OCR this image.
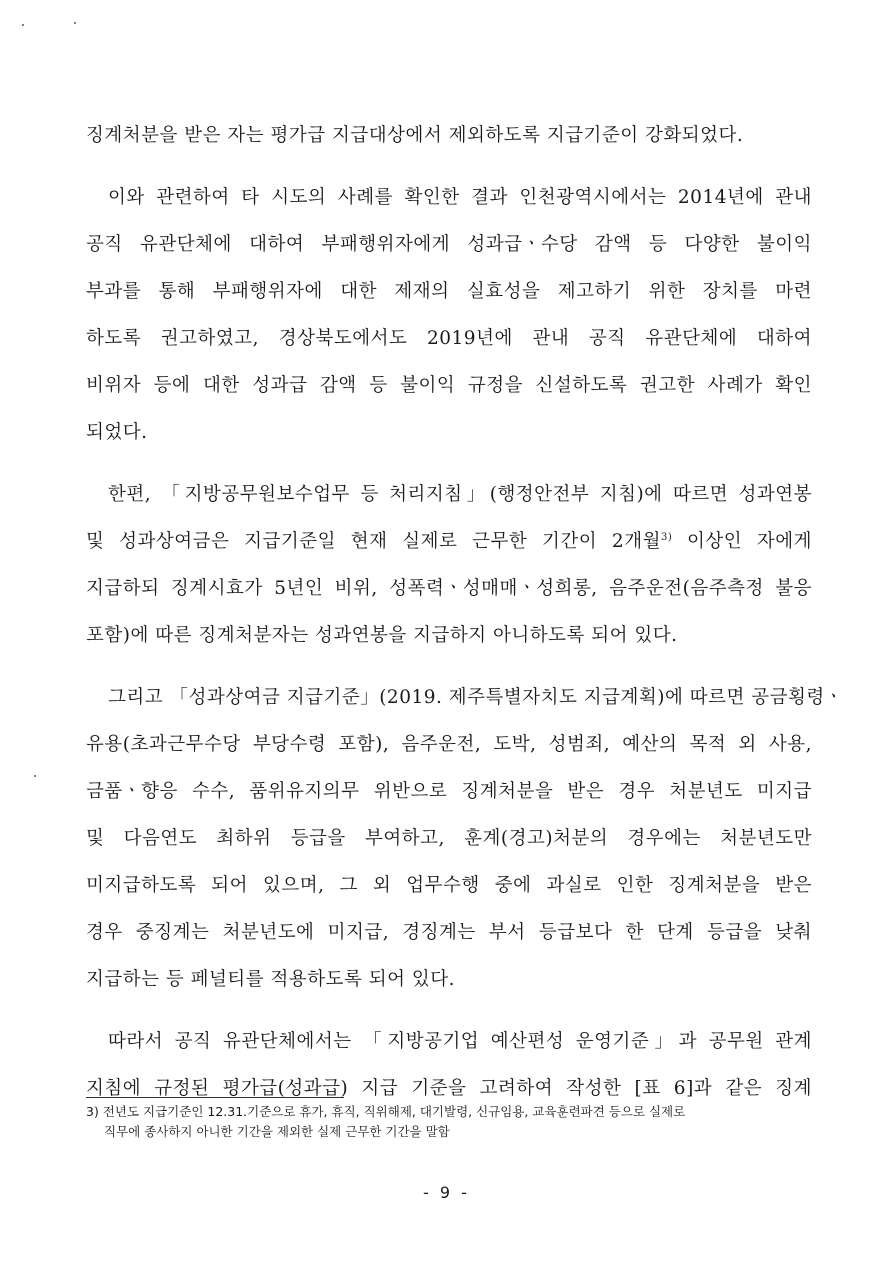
징계처분을 받은 자는 평가급 지급대상에서 제외하도록 지급기준이 강화되었다.
이와 관련하여 타 시도의 사례를 확인한 결과 인천광역시에서는 2014년에 관내
공직 유관단체에 대하여 부패행위자에게 성과급ㆍ수당 감액 등 다양한 불이익
부과를 통해 부패행위자에 대한 제재의 실효성을 제고하기 위한 장치를 마련
하도록 권고하였고, 경상북도에서도 2019년에 관내 공직 유관단체에 대하여
비위자 등에 대한 성과급 감액 등 불이익 규정을 신설하도록 권고한 사례가 확인
되었다.
한편, 「지방공무원보수업무 등 처리지침」(행정안전부 지침)에 따르면 성과연봉
및 성과상여금은 지급기준일 현재 실제로 근무한 기간이 2개월$^{3)}$ 이상인 자에게
지급하되 징계시효가 5년인 비위, 성폭력ㆍ성매매ㆍ성희롱, 음주운전(음주측정 불응
포함)에 따른 징계처분자는 성과연봉을 지급하지 아니하도록 되어 있다.
그리고 「성과상여금 지급기준」(2019. 제주특별자치도 지급계획)에 따르면 공금횡령ㆍ
유용(초과근무수당 부당수령 포함), 음주운전, 도박, 성범죄, 예산의 목적 외 사용,
금품ㆍ향응 수수, 품위유지의무 위반으로 징계처분을 받은 경우 처분년도 미지급
및 다음연도 최하위 등급을 부여하고, 훈계(경고)처분의 경우에는 처분년도만
미지급하도록 되어 있으며, 그 외 업무수행 중에 과실로 인한 징계처분을 받은
경우 중징계는 처분년도에 미지급, 경징계는 부서 등급보다 한 단계 등급을 낮춰
지급하는 등 페널티를 적용하도록 되어 있다.
따라서 공직 유관단체에서는 「지방공기업 예산편성 운영기준」과 공무원 관계
지침에 규정된 평가급(성과급) 지급 기준을 고려하여 작성한 [표 6]과 같은 징계
3) 전년도 지급기준인 12.31.기준으로 휴가, 휴직, 직위해제, 대기발령, 신규임용, 교육훈련파견 등으로 실제로
직무에 종사하지 아니한 기간을 제외한 실제 근무한 기간을 말함
- 9 -
